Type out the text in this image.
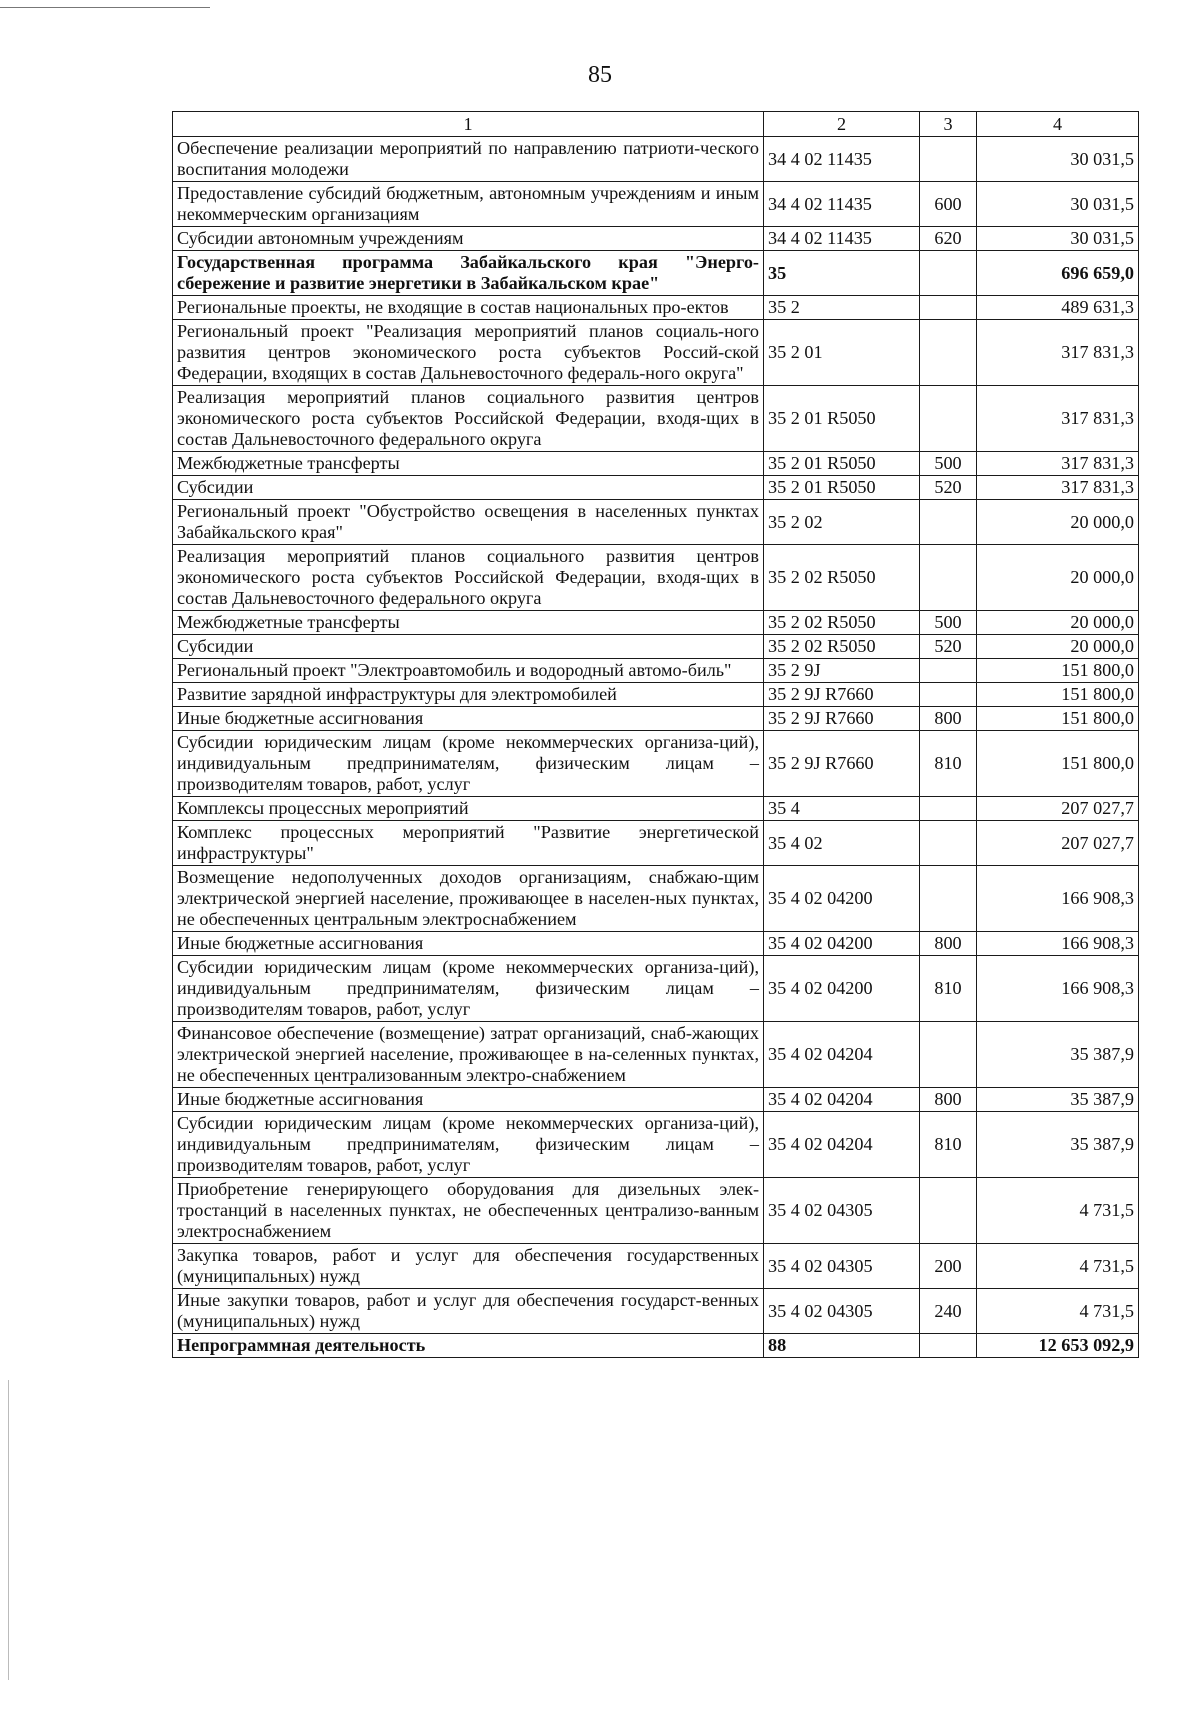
85
1	2	3	4
Обеспечение реализации мероприятий по направлению патриоти-ческого воспитания молодежи	34 4 02 11435		30 031,5
Предоставление субсидий бюджетным, автономным учреждениям и иным некоммерческим организациям	34 4 02 11435	600	30 031,5
Субсидии автономным учреждениям	34 4 02 11435	620	30 031,5
Государственная программа Забайкальского края "Энерго-сбережение и развитие энергетики в Забайкальском крае"	35		696 659,0
Региональные проекты, не входящие в состав национальных про-ектов	35 2		489 631,3
Региональный проект "Реализация мероприятий планов социаль-ного развития центров экономического роста субъектов Россий-ской Федерации, входящих в состав Дальневосточного федераль-ного округа"	35 2 01		317 831,3
Реализация мероприятий планов социального развития центров экономического роста субъектов Российской Федерации, входя-щих в состав Дальневосточного федерального округа	35 2 01 R5050		317 831,3
Межбюджетные трансферты	35 2 01 R5050	500	317 831,3
Субсидии	35 2 01 R5050	520	317 831,3
Региональный проект "Обустройство освещения в населенных пунктах Забайкальского края"	35 2 02		20 000,0
Реализация мероприятий планов социального развития центров экономического роста субъектов Российской Федерации, входя-щих в состав Дальневосточного федерального округа	35 2 02 R5050		20 000,0
Межбюджетные трансферты	35 2 02 R5050	500	20 000,0
Субсидии	35 2 02 R5050	520	20 000,0
Региональный проект "Электроавтомобиль и водородный автомо-биль"	35 2 9J		151 800,0
Развитие зарядной инфраструктуры для электромобилей	35 2 9J R7660		151 800,0
Иные бюджетные ассигнования	35 2 9J R7660	800	151 800,0
Субсидии юридическим лицам (кроме некоммерческих организа-ций), индивидуальным предпринимателям, физическим лицам – производителям товаров, работ, услуг	35 2 9J R7660	810	151 800,0
Комплексы процессных мероприятий	35 4		207 027,7
Комплекс процессных мероприятий "Развитие энергетической инфраструктуры"	35 4 02		207 027,7
Возмещение недополученных доходов организациям, снабжаю-щим электрической энергией население, проживающее в населен-ных пунктах, не обеспеченных центральным электроснабжением	35 4 02 04200		166 908,3
Иные бюджетные ассигнования	35 4 02 04200	800	166 908,3
Субсидии юридическим лицам (кроме некоммерческих организа-ций), индивидуальным предпринимателям, физическим лицам – производителям товаров, работ, услуг	35 4 02 04200	810	166 908,3
Финансовое обеспечение (возмещение) затрат организаций, снаб-жающих электрической энергией население, проживающее в на-селенных пунктах, не обеспеченных централизованным электро-снабжением	35 4 02 04204		35 387,9
Иные бюджетные ассигнования	35 4 02 04204	800	35 387,9
Субсидии юридическим лицам (кроме некоммерческих организа-ций), индивидуальным предпринимателям, физическим лицам – производителям товаров, работ, услуг	35 4 02 04204	810	35 387,9
Приобретение генерирующего оборудования для дизельных элек-тростанций в населенных пунктах, не обеспеченных централизо-ванным электроснабжением	35 4 02 04305		4 731,5
Закупка товаров, работ и услуг для обеспечения государственных (муниципальных) нужд	35 4 02 04305	200	4 731,5
Иные закупки товаров, работ и услуг для обеспечения государст-венных (муниципальных) нужд	35 4 02 04305	240	4 731,5
Непрограммная деятельность	88		12 653 092,9
